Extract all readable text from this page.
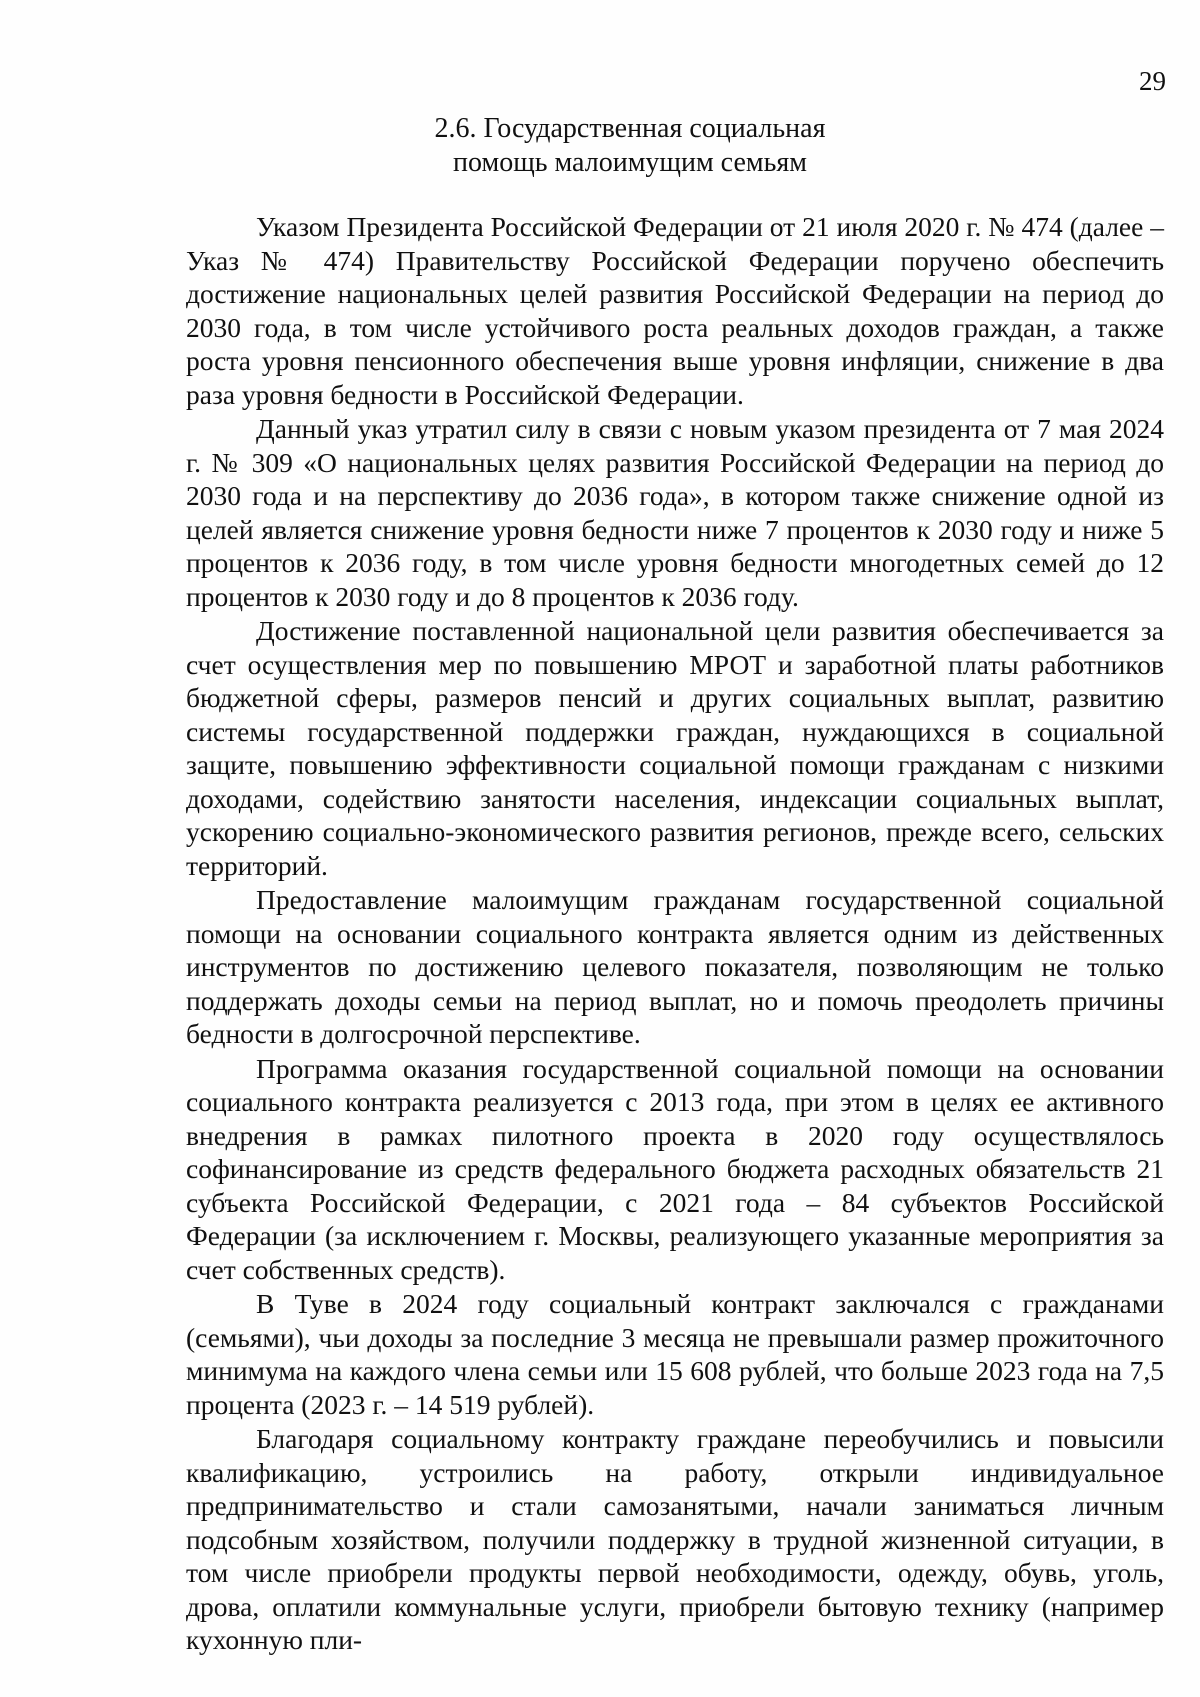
29
2.6. Государственная социальная
помощь малоимущим семьям

Указом Президента Российской Федерации от 21 июля 2020 г. № 474 (далее – Указ № 474) Правительству Российской Федерации поручено обеспечить достижение национальных целей развития Российской Федерации на период до 2030 года, в том числе устойчивого роста реальных доходов граждан, а также роста уровня пенсионного обеспечения выше уровня инфляции, снижение в два раза уровня бедности в Российской Федерации.

Данный указ утратил силу в связи с новым указом президента от 7 мая 2024 г. № 309 «О национальных целях развития Российской Федерации на период до 2030 года и на перспективу до 2036 года», в котором также снижение одной из целей является снижение уровня бедности ниже 7 процентов к 2030 году и ниже 5 процентов к 2036 году, в том числе уровня бедности многодетных семей до 12 процентов к 2030 году и до 8 процентов к 2036 году.

Достижение поставленной национальной цели развития обеспечивается за счет осуществления мер по повышению МРОТ и заработной платы работников бюджетной сферы, размеров пенсий и других социальных выплат, развитию системы государственной поддержки граждан, нуждающихся в социальной защите, повышению эффективности социальной помощи гражданам с низкими доходами, содействию занятости населения, индексации социальных выплат, ускорению социально-экономического развития регионов, прежде всего, сельских территорий.

Предоставление малоимущим гражданам государственной социальной помощи на основании социального контракта является одним из действенных инструментов по достижению целевого показателя, позволяющим не только поддержать доходы семьи на период выплат, но и помочь преодолеть причины бедности в долгосрочной перспективе.

Программа оказания государственной социальной помощи на основании социального контракта реализуется с 2013 года, при этом в целях ее активного внедрения в рамках пилотного проекта в 2020 году осуществлялось софинансирование из средств федерального бюджета расходных обязательств 21 субъекта Российской Федерации, с 2021 года – 84 субъектов Российской Федерации (за исключением г. Москвы, реализующего указанные мероприятия за счет собственных средств).

В Туве в 2024 году социальный контракт заключался с гражданами (семьями), чьи доходы за последние 3 месяца не превышали размер прожиточного минимума на каждого члена семьи или 15 608 рублей, что больше 2023 года на 7,5 процента (2023 г. – 14 519 рублей).

Благодаря социальному контракту граждане переобучились и повысили квалификацию, устроились на работу, открыли индивидуальное предпринимательство и стали самозанятыми, начали заниматься личным подсобным хозяйством, получили поддержку в трудной жизненной ситуации, в том числе приобрели продукты первой необходимости, одежду, обувь, уголь, дрова, оплатили коммунальные услуги, приобрели бытовую технику (например кухонную пли-
